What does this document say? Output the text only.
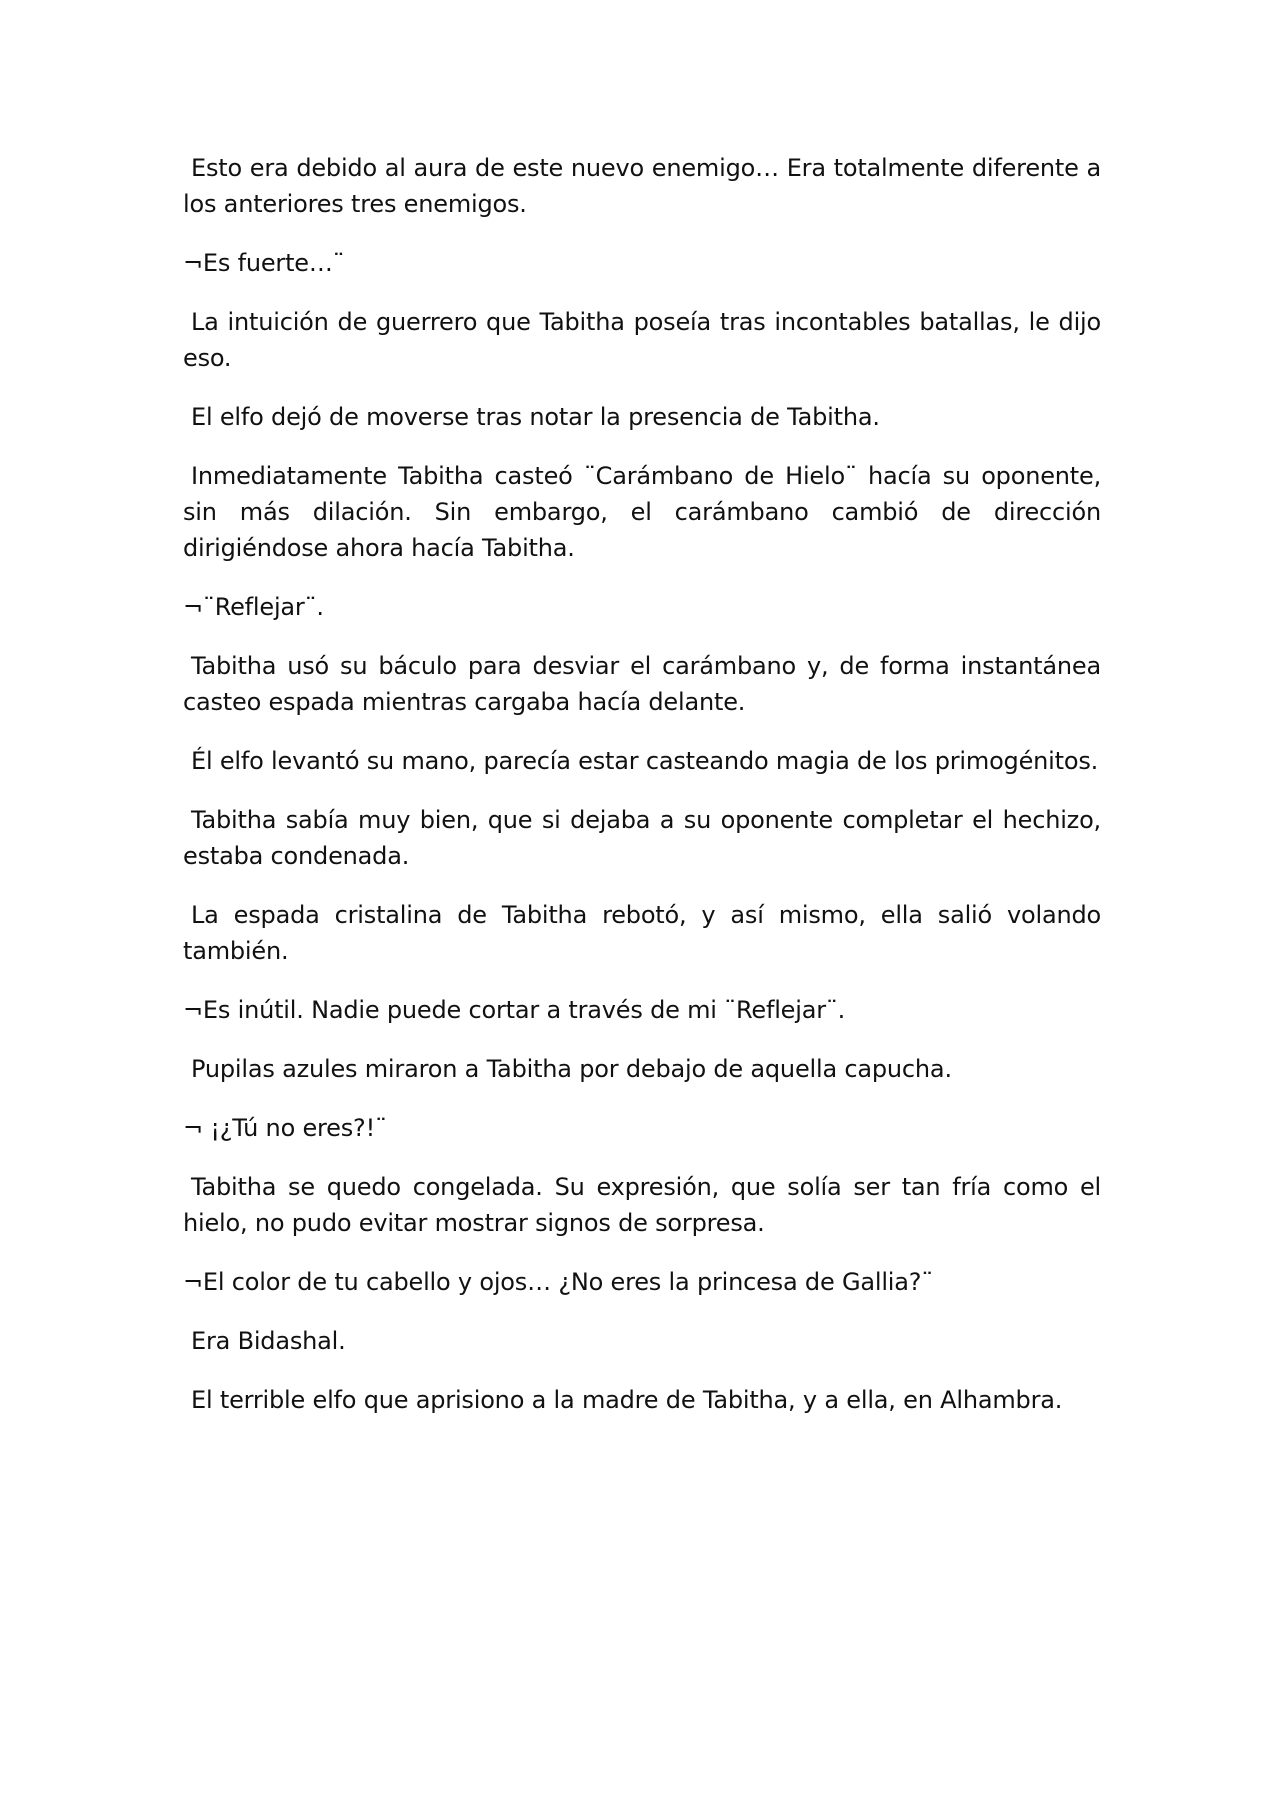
Esto era debido al aura de este nuevo enemigo… Era totalmente diferente a los anteriores tres enemigos.

¬Es fuerte…¨

La intuición de guerrero que Tabitha poseía tras incontables batallas, le dijo eso.

El elfo dejó de moverse tras notar la presencia de Tabitha.

Inmediatamente Tabitha casteó ¨Carámbano de Hielo¨ hacía su oponente, sin más dilación. Sin embargo, el carámbano cambió de dirección dirigiéndose ahora hacía Tabitha.

¬¨Reflejar¨.

Tabitha usó su báculo para desviar el carámbano y, de forma instantánea casteo espada mientras cargaba hacía delante.

Él elfo levantó su mano, parecía estar casteando magia de los primogénitos.

Tabitha sabía muy bien, que si dejaba a su oponente completar el hechizo, estaba condenada.

La espada cristalina de Tabitha rebotó, y así mismo, ella salió volando también.

¬Es inútil. Nadie puede cortar a través de mi ¨Reflejar¨.

Pupilas azules miraron a Tabitha por debajo de aquella capucha.

¬ ¡¿Tú no eres?!¨

Tabitha se quedo congelada. Su expresión, que solía ser tan fría como el hielo, no pudo evitar mostrar signos de sorpresa.

¬El color de tu cabello y ojos… ¿No eres la princesa de Gallia?¨

Era Bidashal.

El terrible elfo que aprisiono a la madre de Tabitha, y a ella, en Alhambra.
